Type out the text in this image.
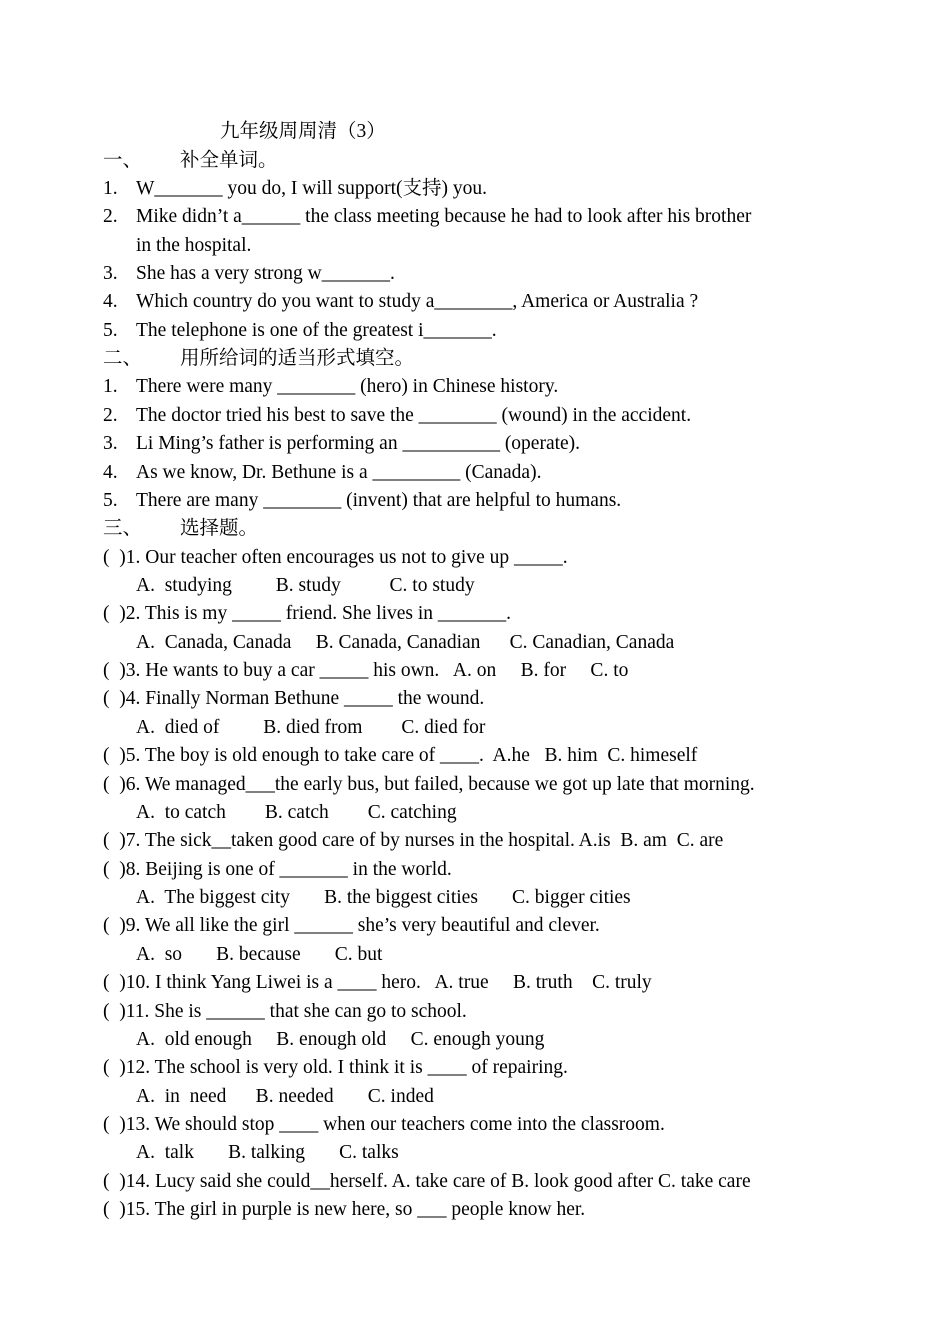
九年级周周清（3）
一、 补全单词。
1. W_______ you do, I will support(支持) you.
2. Mike didn’t a______ the class meeting because he had to look after his brother
in the hospital.
3. She has a very strong w_______.
4. Which country do you want to study a________, America or Australia ?
5. The telephone is one of the greatest i_______.
二、 用所给词的适当形式填空。
1. There were many ________ (hero) in Chinese history.
2. The doctor tried his best to save the ________ (wound) in the accident.
3. Li Ming’s father is performing an __________ (operate).
4. As we know, Dr. Bethune is a _________ (Canada).
5. There are many ________ (invent) that are helpful to humans.
三、 选择题。
(  )1. Our teacher often encourages us not to give up _____.
A.  studying         B. study          C. to study
(  )2. This is my _____ friend. She lives in _______.
A.  Canada, Canada     B. Canada, Canadian      C. Canadian, Canada
(  )3. He wants to buy a car _____ his own.   A. on     B. for     C. to
(  )4. Finally Norman Bethune _____ the wound.
A.  died of         B. died from        C. died for
(  )5. The boy is old enough to take care of ____.  A.he   B. him  C. himeself
(  )6. We managed___the early bus, but failed, because we got up late that morning.
A.  to catch        B. catch        C. catching
(  )7. The sick__taken good care of by nurses in the hospital. A.is  B. am  C. are
(  )8. Beijing is one of _______ in the world.
A.  The biggest city       B. the biggest cities       C. bigger cities
(  )9. We all like the girl ______ she’s very beautiful and clever.
A.  so       B. because       C. but
(  )10. I think Yang Liwei is a ____ hero.   A. true     B. truth    C. truly
(  )11. She is ______ that she can go to school.
A.  old enough     B. enough old     C. enough young
(  )12. The school is very old. I think it is ____ of repairing.
A.  in  need      B. needed       C. inded
(  )13. We should stop ____ when our teachers come into the classroom.
A.  talk       B. talking       C. talks
(  )14. Lucy said she could__herself. A. take care of B. look good after C. take care
(  )15. The girl in purple is new here, so ___ people know her.
